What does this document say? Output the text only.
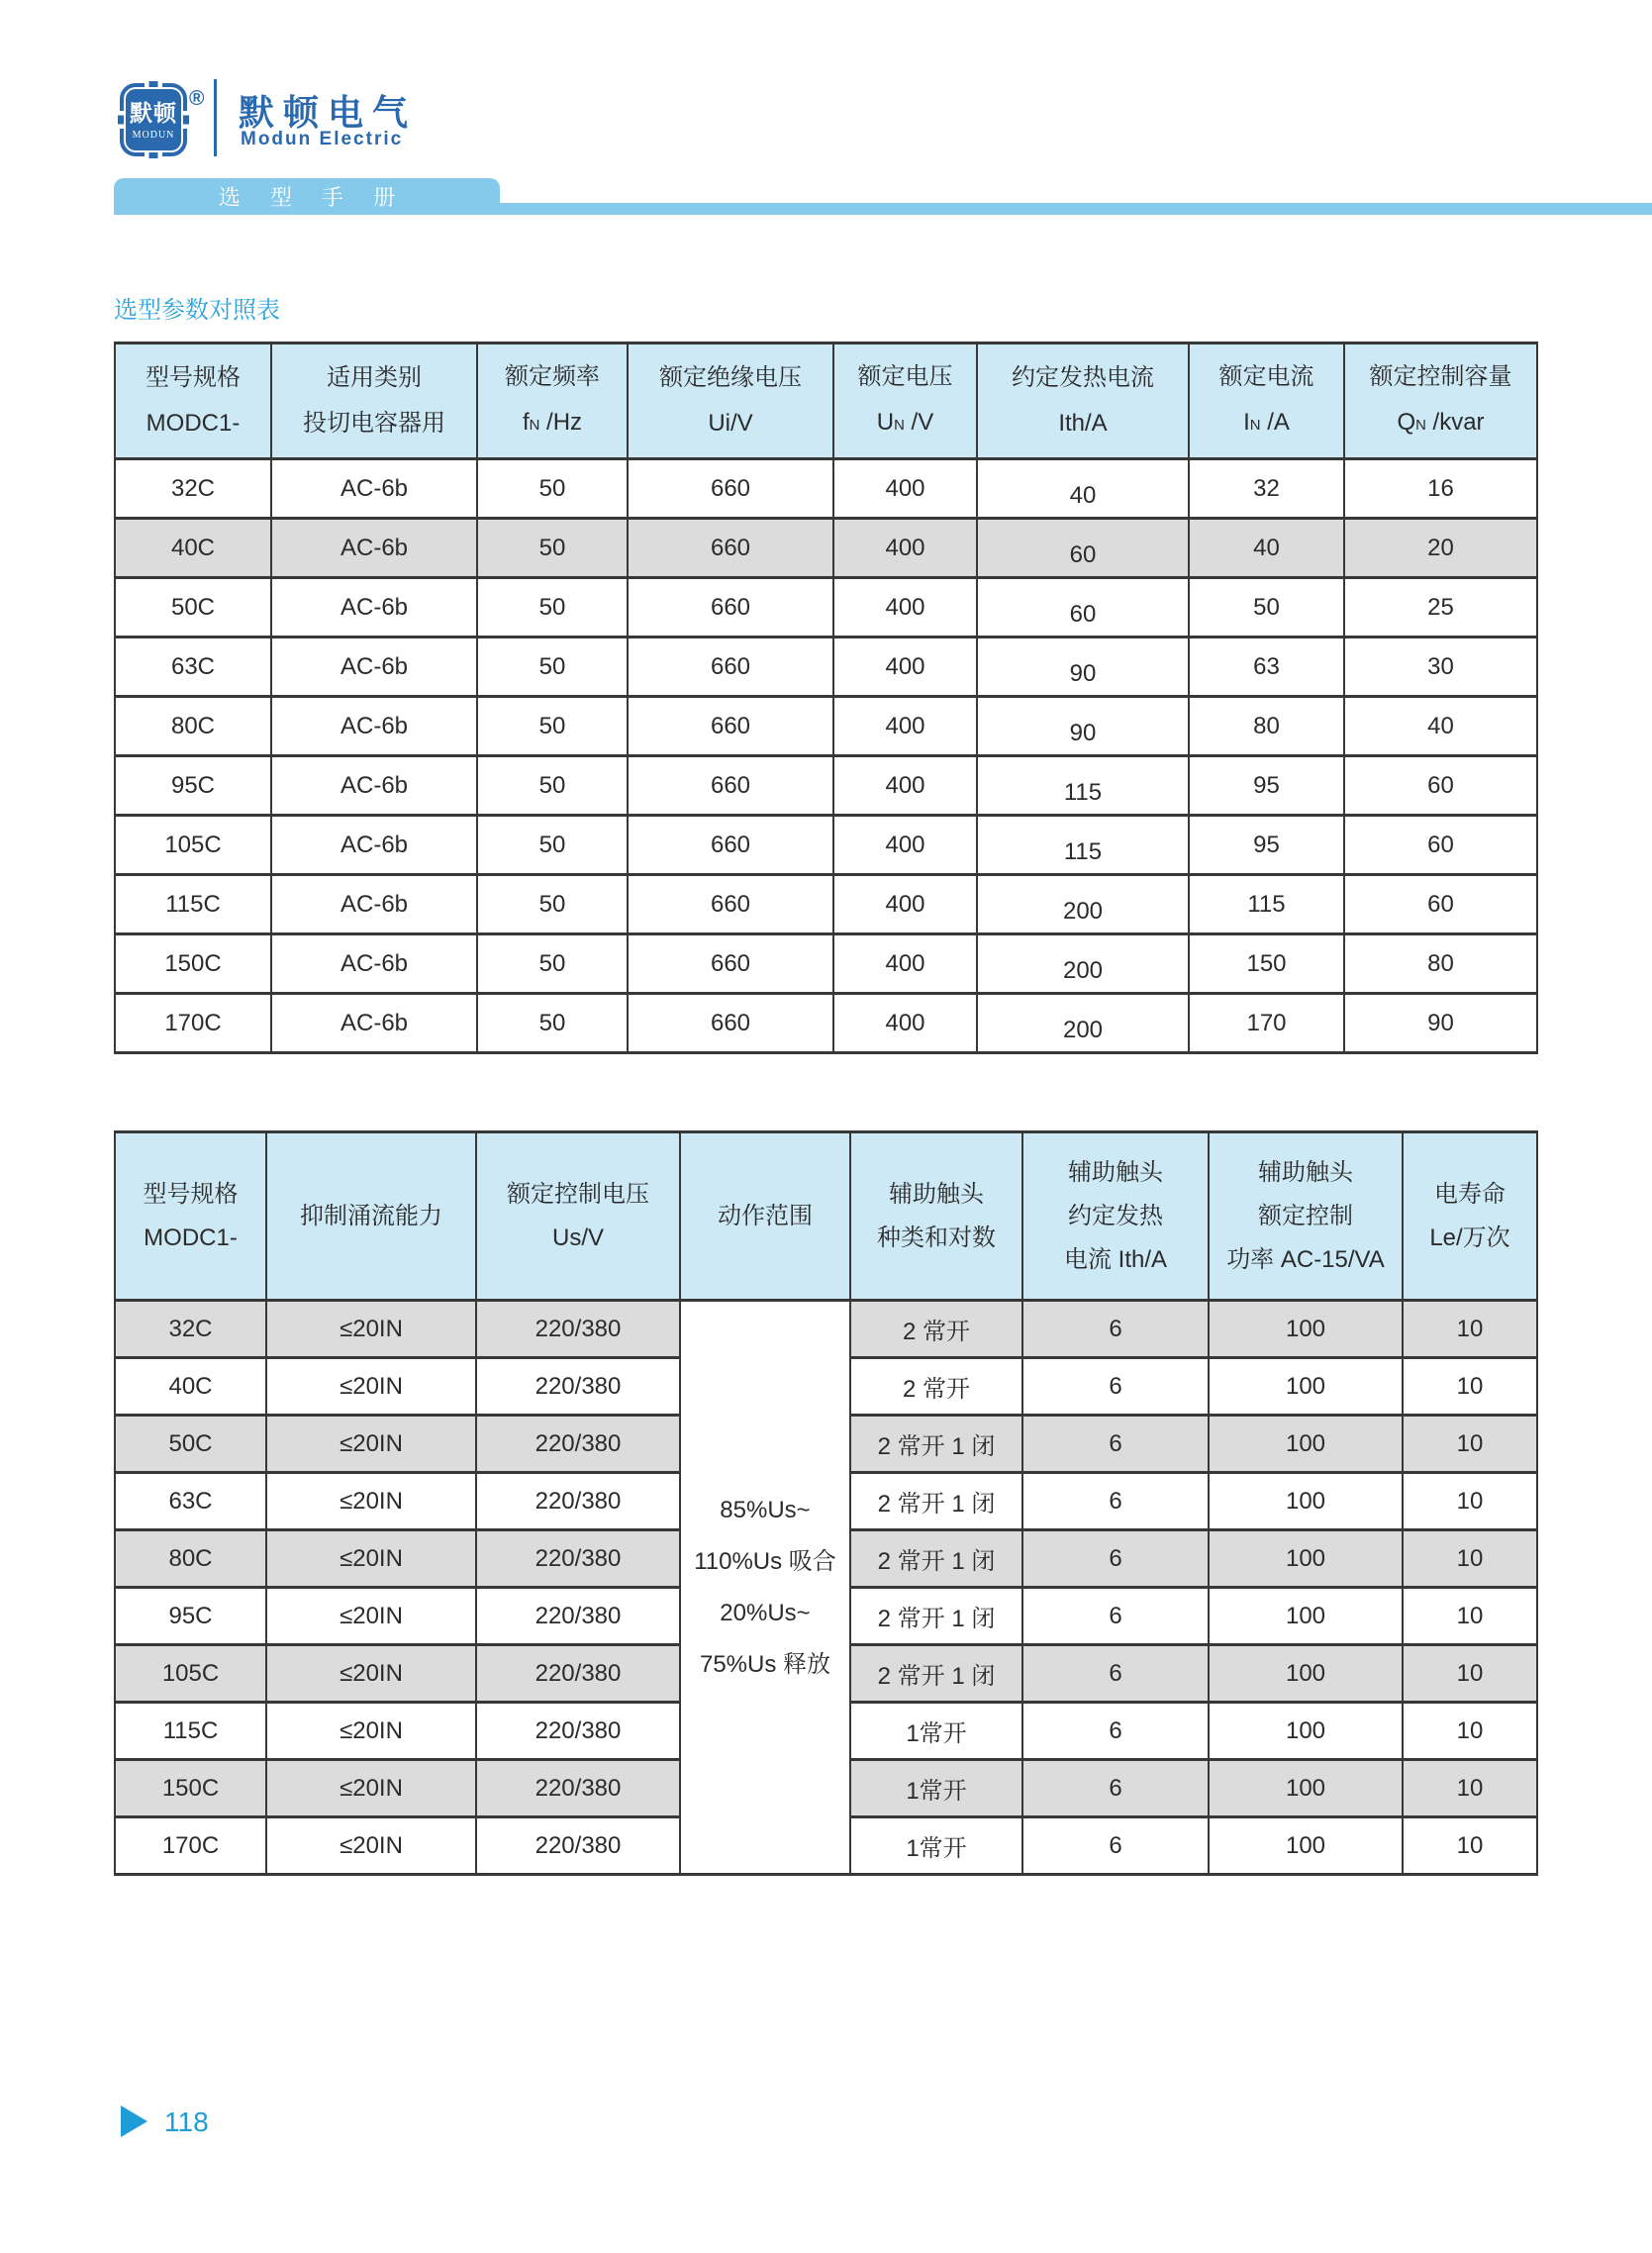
默顿
MODUN
® 默顿电气
Modun Electric
选 型 手 册
选型参数对照表
型号规格
MODC1-

适用类别
投切电容器用

额定频率
fN /Hz

额定绝缘电压
Ui/V

额定电压
UN /V

约定发热电流
Ith/A

额定电流
IN /A

额定控制容量
QN /kvar

32C	AC-6b	50	660	400	40	32	16
40C	AC-6b	50	660	400	60	40	20
50C	AC-6b	50	660	400	60	50	25
63C	AC-6b	50	660	400	90	63	30
80C	AC-6b	50	660	400	90	80	40
95C	AC-6b	50	660	400	115	95	60
105C	AC-6b	50	660	400	115	95	60
115C	AC-6b	50	660	400	200	115	60
150C	AC-6b	50	660	400	200	150	80
170C	AC-6b	50	660	400	200	170	90
型号规格
MODC1-

抑制涌流能力

额定控制电压
Us/V

动作范围

辅助触头
种类和对数

辅助触头
约定发热
电流 Ith/A

辅助触头
额定控制
功率 AC-15/VA

电寿命
Le/万次

32C	≤20IN	220/380	85%Us~
110%Us 吸合
20%Us~
75%Us 释放	2 常开	6	100	10
40C	≤20IN	220/380		2 常开	6	100	10
50C	≤20IN	220/380		2 常开 1 闭	6	100	10
63C	≤20IN	220/380		2 常开 1 闭	6	100	10
80C	≤20IN	220/380		2 常开 1 闭	6	100	10
95C	≤20IN	220/380		2 常开 1 闭	6	100	10
105C	≤20IN	220/380		2 常开 1 闭	6	100	10
115C	≤20IN	220/380		1常开	6	100	10
150C	≤20IN	220/380		1常开	6	100	10
170C	≤20IN	220/380		1常开	6	100	10
118
